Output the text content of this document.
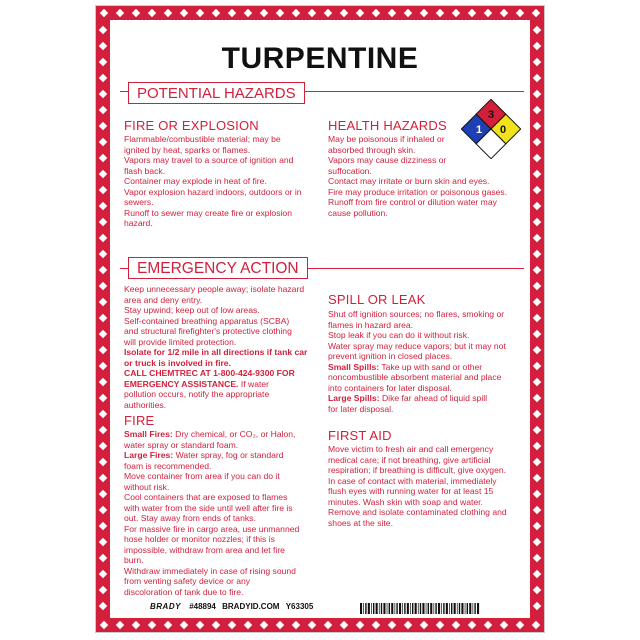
TURPENTINE
POTENTIAL HAZARDS
3
1 0
FIRE OR EXPLOSION

Flammable/combustible material; may be

ignited by heat, sparks or flames.

Vapors may travel to a source of ignition and

flash back.

Container may explode in heat of fire.

Vapor explosion hazard indoors, outdoors or in

sewers.

Runoff to sewer may create fire or explosion

hazard.

HEALTH HAZARDS

May be poisonous if inhaled or

absorbed through skin.

Vapors may cause dizziness or

suffocation.

Contact may irritate or burn skin and eyes.

Fire may produce irritation or poisonous gases.

Runoff from fire control or dilution water may

cause pollution.

EMERGENCY ACTION

Keep unnecessary people away; isolate hazard

area and deny entry.

Stay upwind; keep out of low areas.

Self-contained breathing apparatus (SCBA)

and structural firefighter's protective clothing

will provide limited protection.

Isolate for 1/2 mile in all directions if tank car

or truck is involved in fire.

CALL CHEMTREC AT 1-800-424-9300 FOR

EMERGENCY ASSISTANCE. If water

pollution occurs, notify the appropriate

authorities.

SPILL OR LEAK

Shut off ignition sources; no flares, smoking or

flames in hazard area.

Stop leak if you can do it without risk.

Water spray may reduce vapors; but it may not

prevent ignition in closed places.

Small Spills: Take up with sand or other

noncombustible absorbent material and place

into containers for later disposal.

Large Spills: Dike far ahead of liquid spill

for later disposal.

FIRE

Small Fires: Dry chemical, or CO₂, or Halon,

water spray or standard foam.

Large Fires: Water spray, fog or standard

foam is recommended.

Move container from area if you can do it

without risk.

Cool containers that are exposed to flames

with water from the side until well after fire is

out. Stay away from ends of tanks.

For massive fire in cargo area, use unmanned

hose holder or monitor nozzles; if this is

impossible, withdraw from area and let fire

burn.

Withdraw immediately in case of rising sound

from venting safety device or any

discoloration of tank due to fire.

FIRST AID

Move victim to fresh air and call emergency

medical care; if not breathing, give artificial

respiration; if breathing is difficult, give oxygen.

In case of contact with material, immediately

flush eyes with running water for at least 15

minutes. Wash skin with soap and water.

Remove and isolate contaminated clothing and

shoes at the site.

BRADY #48894 BRADYID.COM Y63305
